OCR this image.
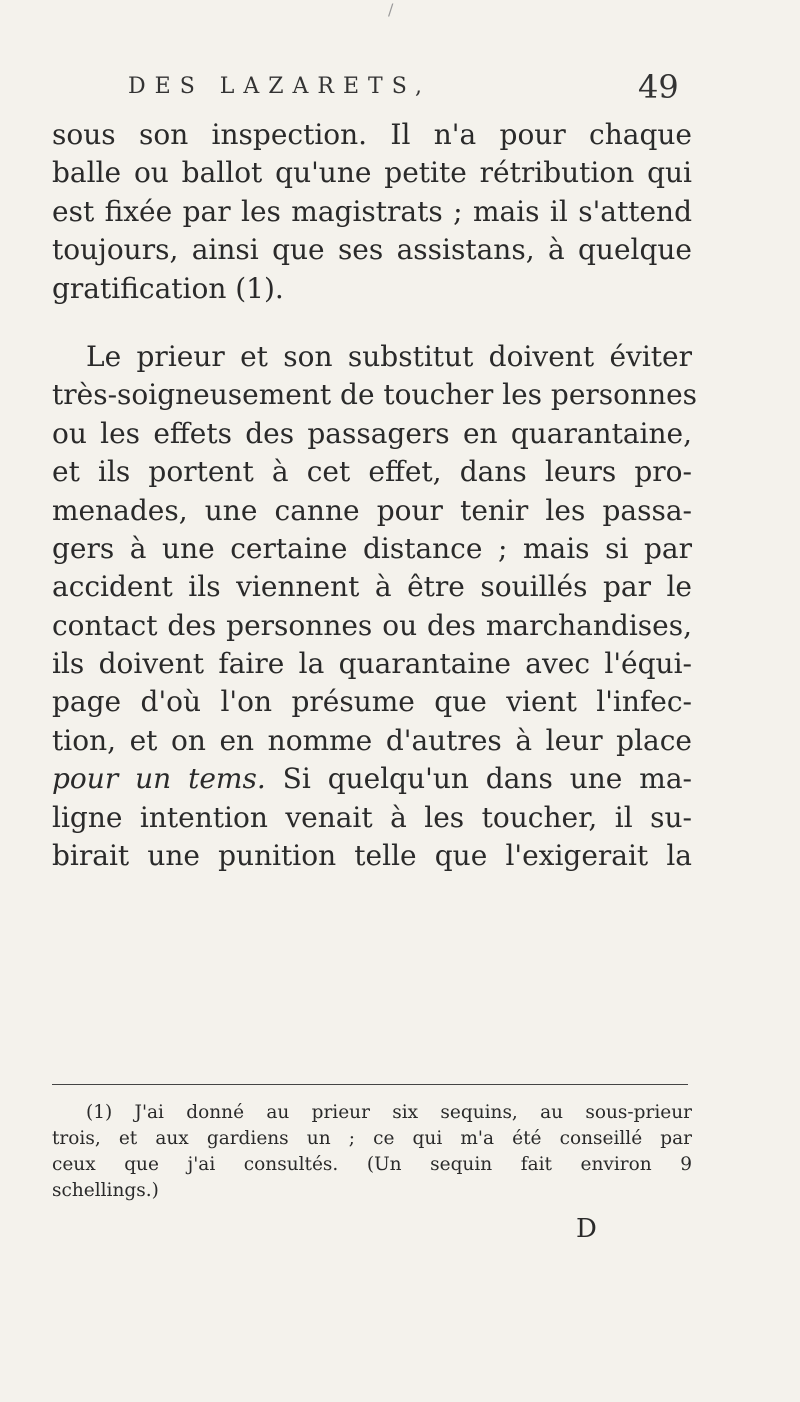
/
DES LAZARETS,	49
sous son inspection. Il n'a pour chaque
balle ou ballot qu'une petite rétribution qui
est fixée par les magistrats ; mais il s'attend
toujours, ainsi que ses assistans, à quelque
gratification (1).
Le prieur et son substitut doivent éviter
très-soigneusement de toucher les personnes
ou les effets des passagers en quarantaine,
et ils portent à cet effet, dans leurs pro-
menades, une canne pour tenir les passa-
gers à une certaine distance ; mais si par
accident ils viennent à être souillés par le
contact des personnes ou des marchandises,
ils doivent faire la quarantaine avec l'équi-
page d'où l'on présume que vient l'infec-
tion, et on en nomme d'autres à leur place
pour un tems. Si quelqu'un dans une ma-
ligne intention venait à les toucher, il su-
birait une punition telle que l'exigerait la
(1) J'ai donné au prieur six sequins, au sous-prieur
trois, et aux gardiens un ; ce qui m'a été conseillé par
ceux que j'ai consultés. (Un sequin fait environ 9
schellings.)
D
